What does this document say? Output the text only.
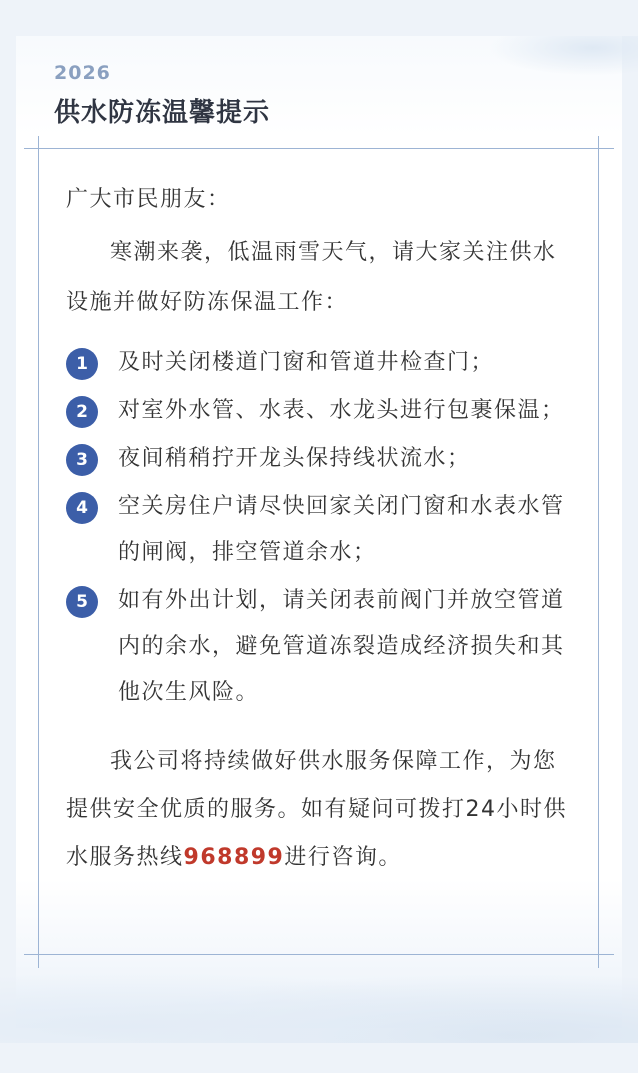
2026
供水防冻温馨提示
广大市民朋友：

寒潮来袭，低温雨雪天气，请大家关注供水设施并做好防冻保温工作：

1	及时关闭楼道门窗和管道井检查门；
2	对室外水管、水表、水龙头进行包裹保温；
3	夜间稍稍拧开龙头保持线状流水；
4	空关房住户请尽快回家关闭门窗和水表水管的闸阀，排空管道余水；
5	如有外出计划，请关闭表前阀门并放空管道内的余水，避免管道冻裂造成经济损失和其他次生风险。

我公司将持续做好供水服务保障工作，为您提供安全优质的服务。如有疑问可拨打24小时供水服务热线968899进行咨询。
